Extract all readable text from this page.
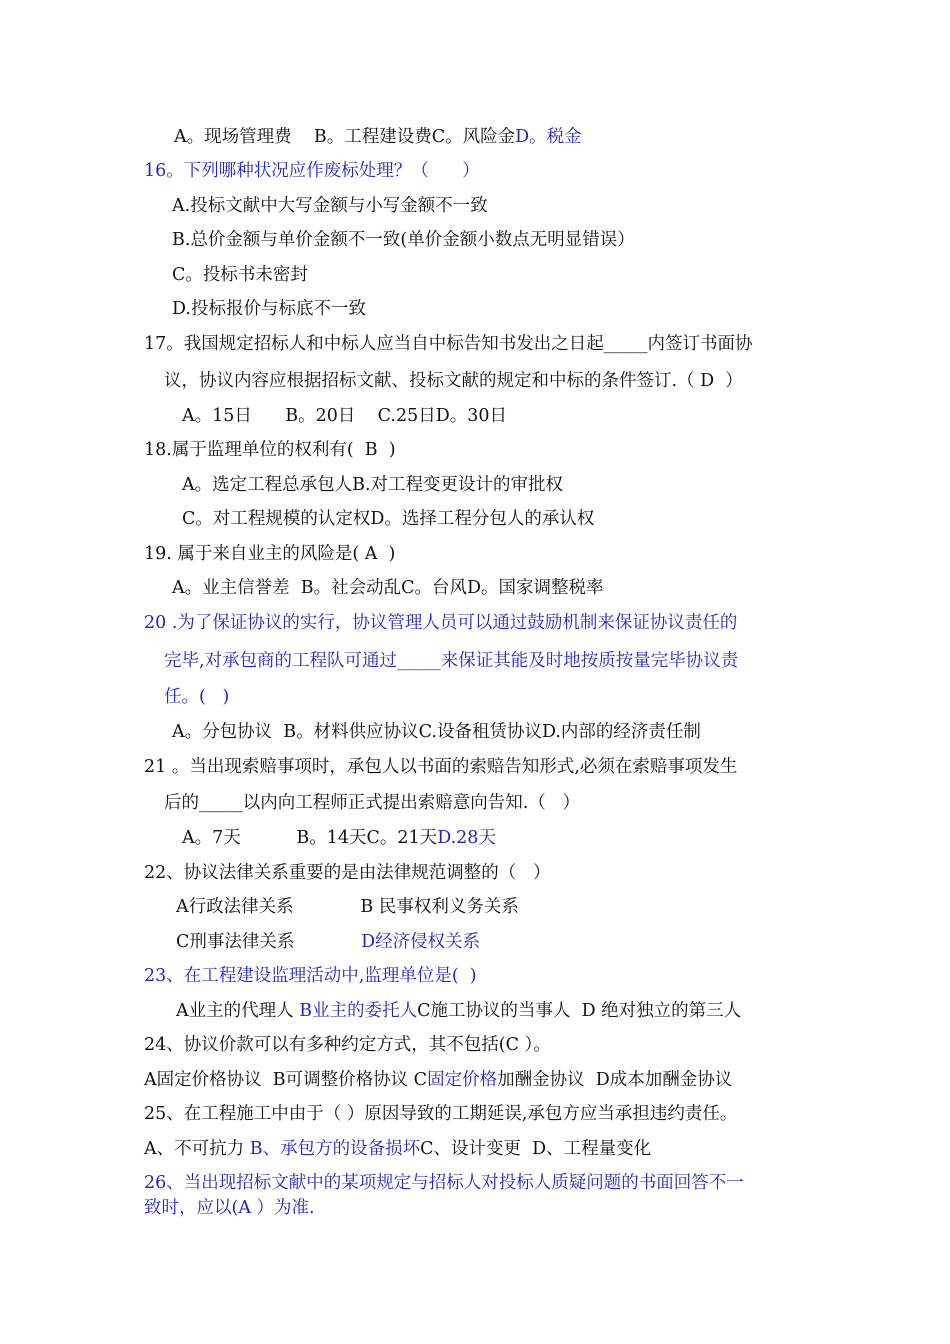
A。现场管理费    B。工程建设费C。风险金D。税金
16。下列哪种状况应作废标处理？（      ）
A.投标文献中大写金额与小写金额不一致
B.总价金额与单价金额不一致(单价金额小数点无明显错误）
C。投标书未密封
D.投标报价与标底不一致
17。我国规定招标人和中标人应当自中标告知书发出之日起_____内签订书面协
议，协议内容应根据招标文献、投标文献的规定和中标的条件签订.（ D  ）
A。15日      B。20日    C.25日D。30日
18.属于监理单位的权利有(  B  )
A。选定工程总承包人B.对工程变更设计的审批权
C。对工程规模的认定权D。选择工程分包人的承认权
19. 属于来自业主的风险是( A  )
A。业主信誉差  B。社会动乱C。台风D。国家调整税率
20 .为了保证协议的实行，协议管理人员可以通过鼓励机制来保证协议责任的
完毕,对承包商的工程队可通过_____来保证其能及时地按质按量完毕协议责
任。(   )
A。分包协议  B。材料供应协议C.设备租赁协议D.内部的经济责任制
21 。当出现索赔事项时，承包人以书面的索赔告知形式,必须在索赔事项发生
后的_____以内向工程师正式提出索赔意向告知.（   ）
A。7天          B。14天C。21天D.28天
22、协议法律关系重要的是由法律规范调整的（   ）
A行政法律关系            B 民事权利义务关系
C刑事法律关系            D经济侵权关系
23、在工程建设监理活动中,监理单位是(  )
A业主的代理人 B业主的委托人C施工协议的当事人  D 绝对独立的第三人
24、协议价款可以有多种约定方式，其不包括(C ）。
A固定价格协议  B可调整价格协议 C固定价格加酬金协议  D成本加酬金协议
25、在工程施工中由于（ ）原因导致的工期延误,承包方应当承担违约责任。
A、不可抗力 B、承包方的设备损坏C、设计变更  D、工程量变化
26、当出现招标文献中的某项规定与招标人对投标人质疑问题的书面回答不一
致时，应以(A ）为准.
